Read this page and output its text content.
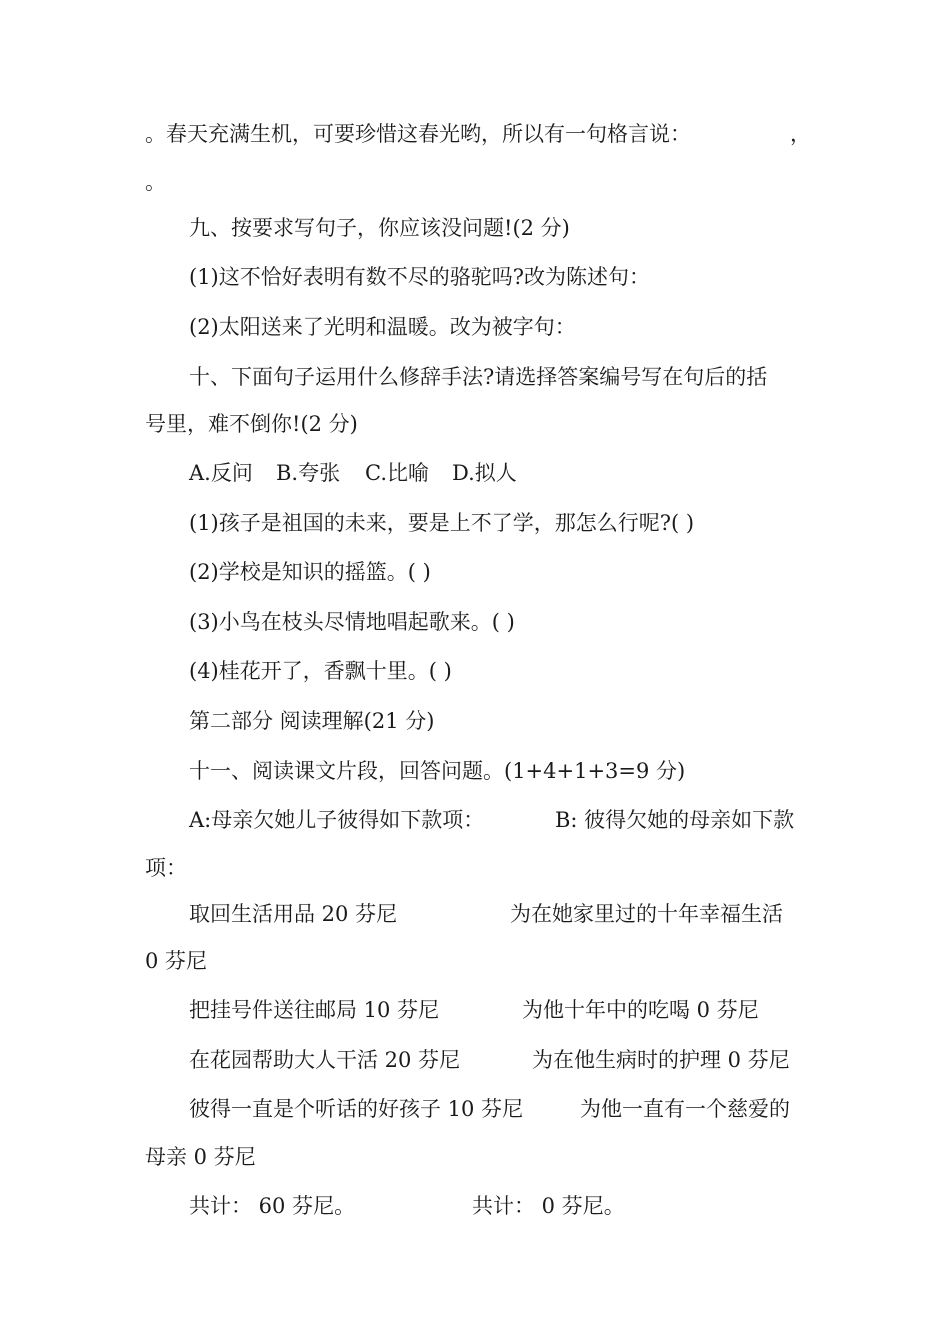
。春天充满生机，可要珍惜这春光哟，所以有一句格言说：	，
。
九、按要求写句子，你应该没问题!(2 分)
(1)这不恰好表明有数不尽的骆驼吗?改为陈述句：
(2)太阳送来了光明和温暖。改为被字句：
十、下面句子运用什么修辞手法?请选择答案编号写在句后的括
号里，难不倒你!(2 分)
A.反问 B.夸张 C.比喻 D.拟人
(1)孩子是祖国的未来，要是上不了学，那怎么行呢?( )
(2)学校是知识的摇篮。( )
(3)小鸟在枝头尽情地唱起歌来。( )
(4)桂花开了，香飘十里。( )
第二部分 阅读理解(21 分)
十一、阅读课文片段，回答问题。(1+4+1+3=9 分)
A:母亲欠她儿子彼得如下款项：	B: 彼得欠她的母亲如下款
项：
取回生活用品 20 芬尼	为在她家里过的十年幸福生活
0 芬尼
把挂号件送往邮局 10 芬尼	为他十年中的吃喝 0 芬尼
在花园帮助大人干活 20 芬尼	为在他生病时的护理 0 芬尼
彼得一直是个听话的好孩子 10 芬尼	为他一直有一个慈爱的
母亲 0 芬尼
共计： 60 芬尼。	共计： 0 芬尼。
